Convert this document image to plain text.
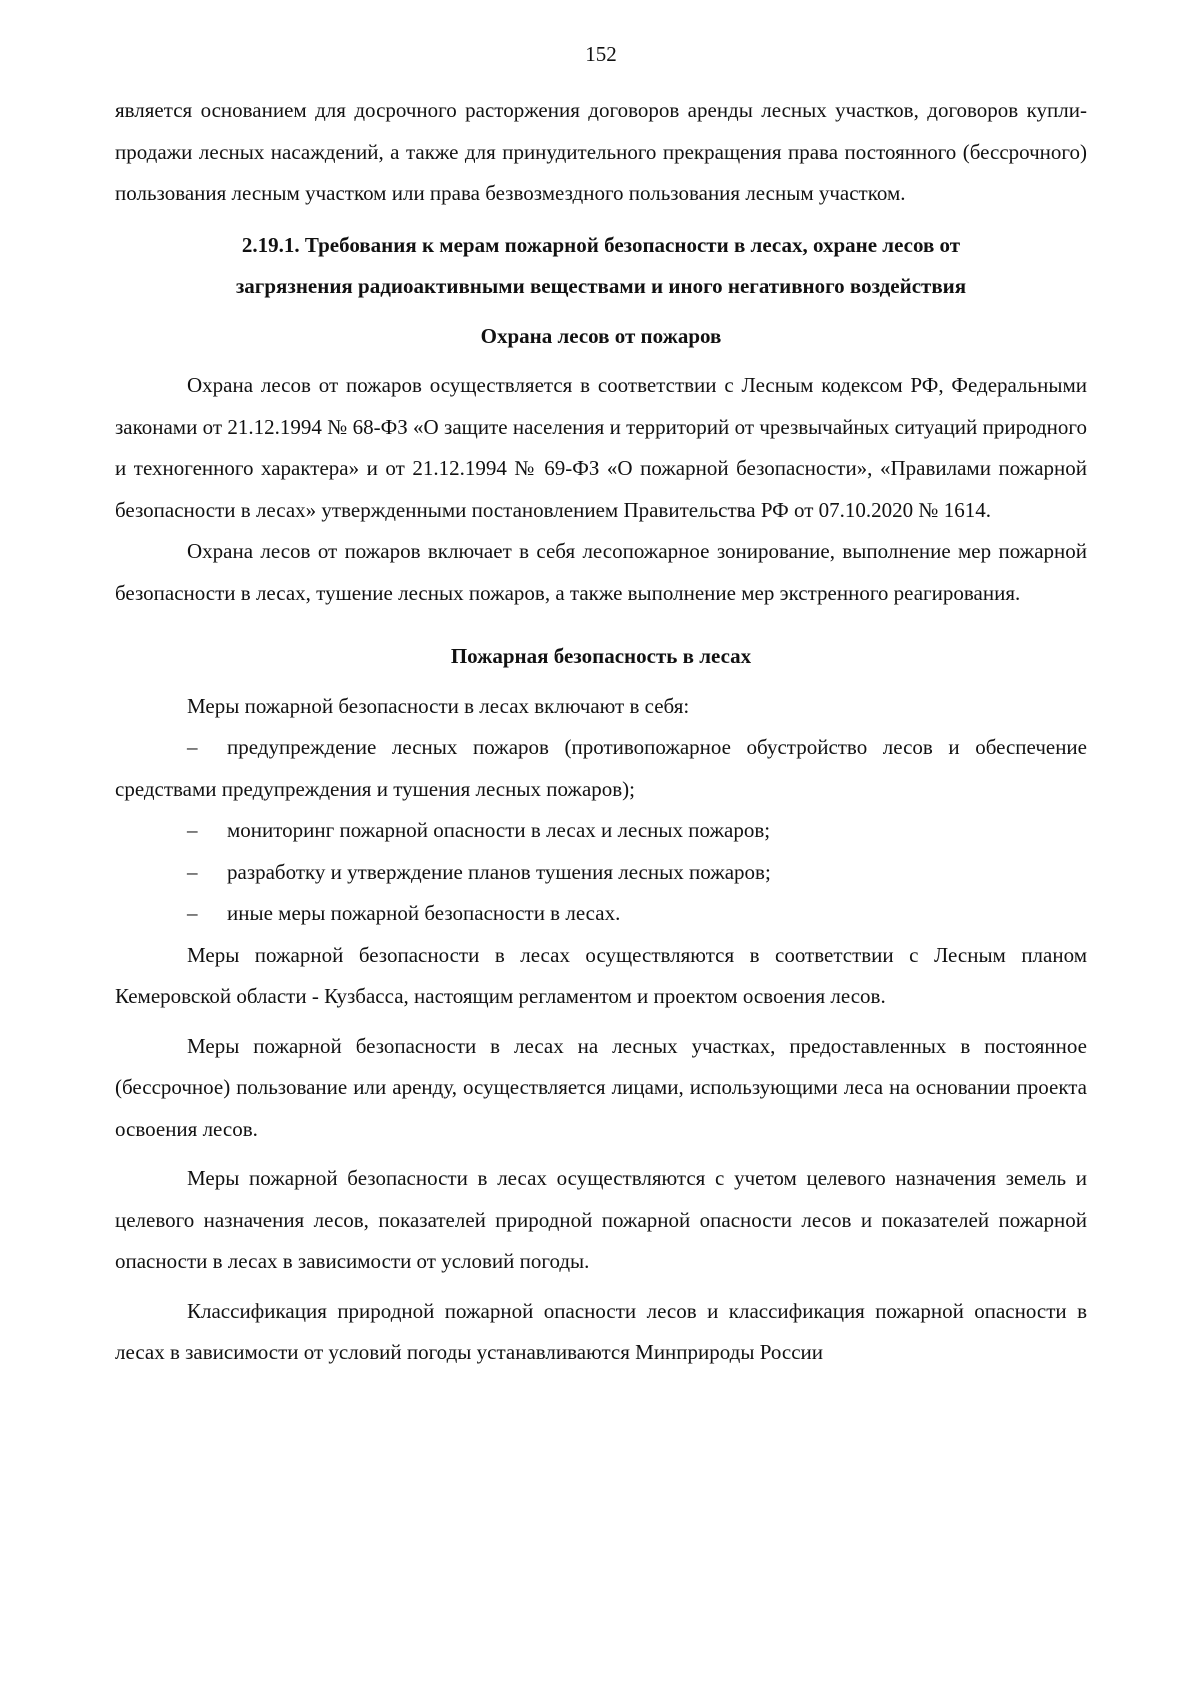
152

является основанием для досрочного расторжения договоров аренды лесных участков, договоров купли-продажи лесных насаждений, а также для принудительного прекращения права постоянного (бессрочного) пользования лесным участком или права безвозмездного пользования лесным участком.

2.19.1. Требования к мерам пожарной безопасности в лесах, охране лесов от
загрязнения радиоактивными веществами и иного негативного воздействия
Охрана лесов от пожаров

Охрана лесов от пожаров осуществляется в соответствии с Лесным кодексом РФ, Федеральными законами от 21.12.1994 № 68-ФЗ «О защите населения и территорий от чрезвычайных ситуаций природного и техногенного характера» и от 21.12.1994 № 69-ФЗ «О пожарной безопасности», «Правилами пожарной безопасности в лесах» утвержденными постановлением Правительства РФ от 07.10.2020 № 1614.

Охрана лесов от пожаров включает в себя лесопожарное зонирование, выполнение мер пожарной безопасности в лесах, тушение лесных пожаров, а также выполнение мер экстренного реагирования.

Пожарная безопасность в лесах

Меры пожарной безопасности в лесах включают в себя:

– предупреждение лесных пожаров (противопожарное обустройство лесов и обеспечение средствами предупреждения и тушения лесных пожаров);
–	мониторинг пожарной опасности в лесах и лесных пожаров;
–	разработку и утверждение планов тушения лесных пожаров;
–	иные меры пожарной безопасности в лесах.

Меры пожарной безопасности в лесах осуществляются в соответствии с Лесным планом Кемеровской области - Кузбасса, настоящим регламентом и проектом освоения лесов.

Меры пожарной безопасности в лесах на лесных участках, предоставленных в постоянное (бессрочное) пользование или аренду, осуществляется лицами, использующими леса на основании проекта освоения лесов.

Меры пожарной безопасности в лесах осуществляются с учетом целевого назначения земель и целевого назначения лесов, показателей природной пожарной опасности лесов и показателей пожарной опасности в лесах в зависимости от условий погоды.

Классификация природной пожарной опасности лесов и классификация пожарной опасности в лесах в зависимости от условий погоды устанавливаются Минприроды России
